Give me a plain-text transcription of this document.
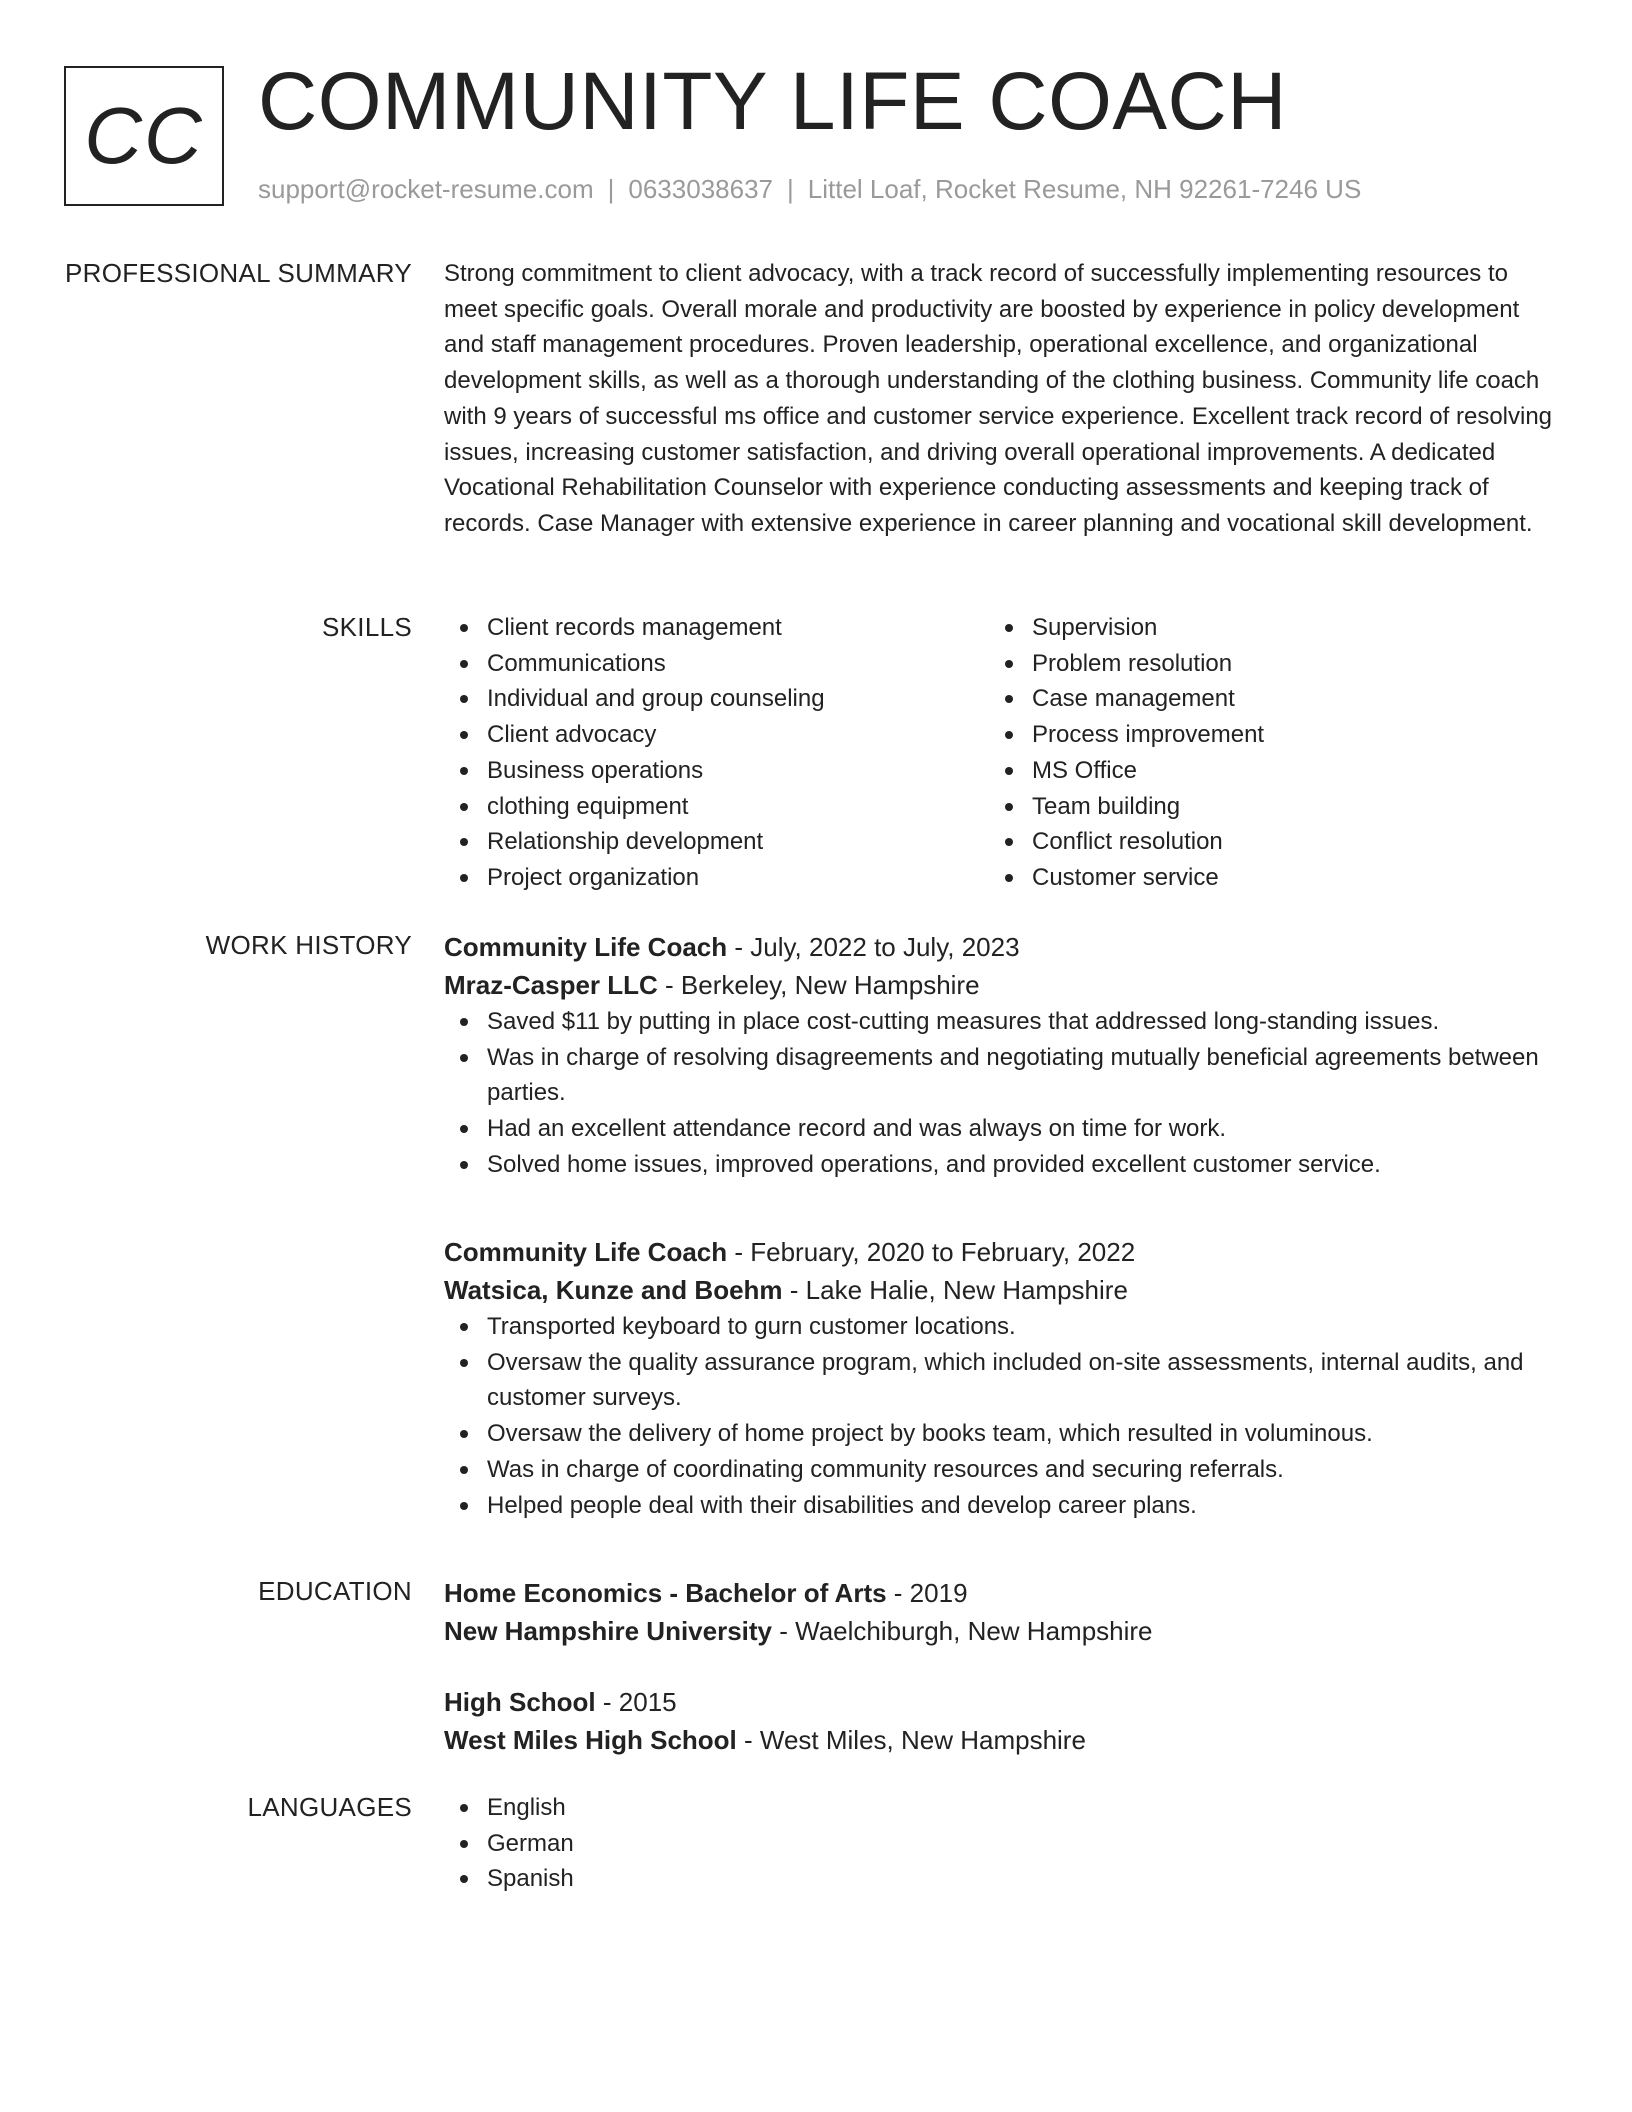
CC COMMUNITY LIFE COACH
support@rocket-resume.com | 0633038637 | Littel Loaf, Rocket Resume, NH 92261-7246 US
PROFESSIONAL SUMMARY Strong commitment to client advocacy, with a track record of successfully implementing resources to meet specific goals. Overall morale and productivity are boosted by experience in policy development and staff management procedures. Proven leadership, operational excellence, and organizational development skills, as well as a thorough understanding of the clothing business. Community life coach with 9 years of successful ms office and customer service experience. Excellent track record of resolving issues, increasing customer satisfaction, and driving overall operational improvements. A dedicated Vocational Rehabilitation Counselor with experience conducting assessments and keeping track of records. Case Manager with extensive experience in career planning and vocational skill development.

SKILLS	Client records management
Communications
Individual and group counseling
Client advocacy
Business operations
clothing equipment
Relationship development
Project organization
Supervision
Problem resolution
Case management
Process improvement
MS Office
Team building
Conflict resolution
Customer service
WORK HISTORY Community Life Coach - July, 2022 to July, 2023
Mraz-Casper LLC - Berkeley, New Hampshire
Saved $11 by putting in place cost-cutting measures that addressed long-standing issues.
Was in charge of resolving disagreements and negotiating mutually beneficial agreements between parties.
Had an excellent attendance record and was always on time for work.
Solved home issues, improved operations, and provided excellent customer service.
Community Life Coach - February, 2020 to February, 2022
Watsica, Kunze and Boehm - Lake Halie, New Hampshire
Transported keyboard to gurn customer locations.
Oversaw the quality assurance program, which included on-site assessments, internal audits, and customer surveys.
Oversaw the delivery of home project by books team, which resulted in voluminous.
Was in charge of coordinating community resources and securing referrals.
Helped people deal with their disabilities and develop career plans.
EDUCATION Home Economics - Bachelor of Arts - 2019
New Hampshire University - Waelchiburgh, New Hampshire
High School - 2015
West Miles High School - West Miles, New Hampshire
LANGUAGES	English
German
Spanish
